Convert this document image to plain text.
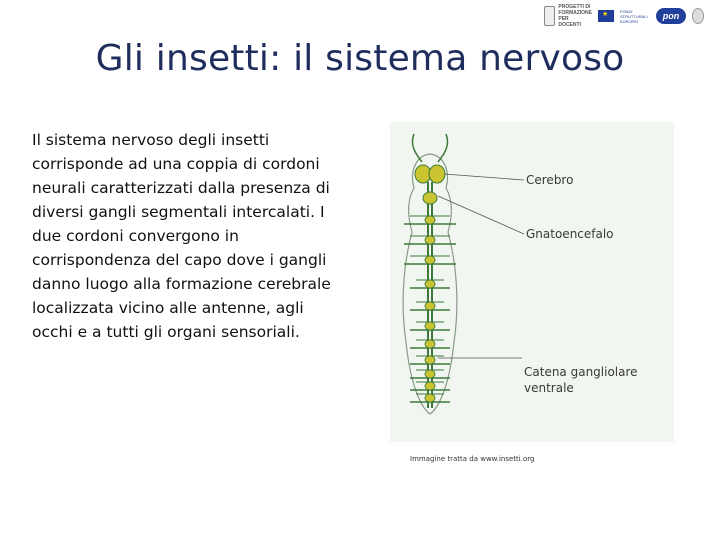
PROGETTI DI
FORMAZIONE
PER DOCENTI
★
FONDI
STRUTTURALI
EUROPEI	pon
Gli insetti: il sistema nervoso
Il sistema nervoso degli insetti corrisponde ad una coppia di cordoni neurali caratterizzati dalla presenza di diversi gangli segmentali intercalati. I due cordoni convergono in corrispondenza del capo dove i gangli danno luogo alla formazione cerebrale localizzata vicino alle antenne, agli occhi e a tutti gli organi sensoriali.
Cerebro
Gnatoencefalo
Catena gangliolare
ventrale
Immagine tratta da www.insetti.org
